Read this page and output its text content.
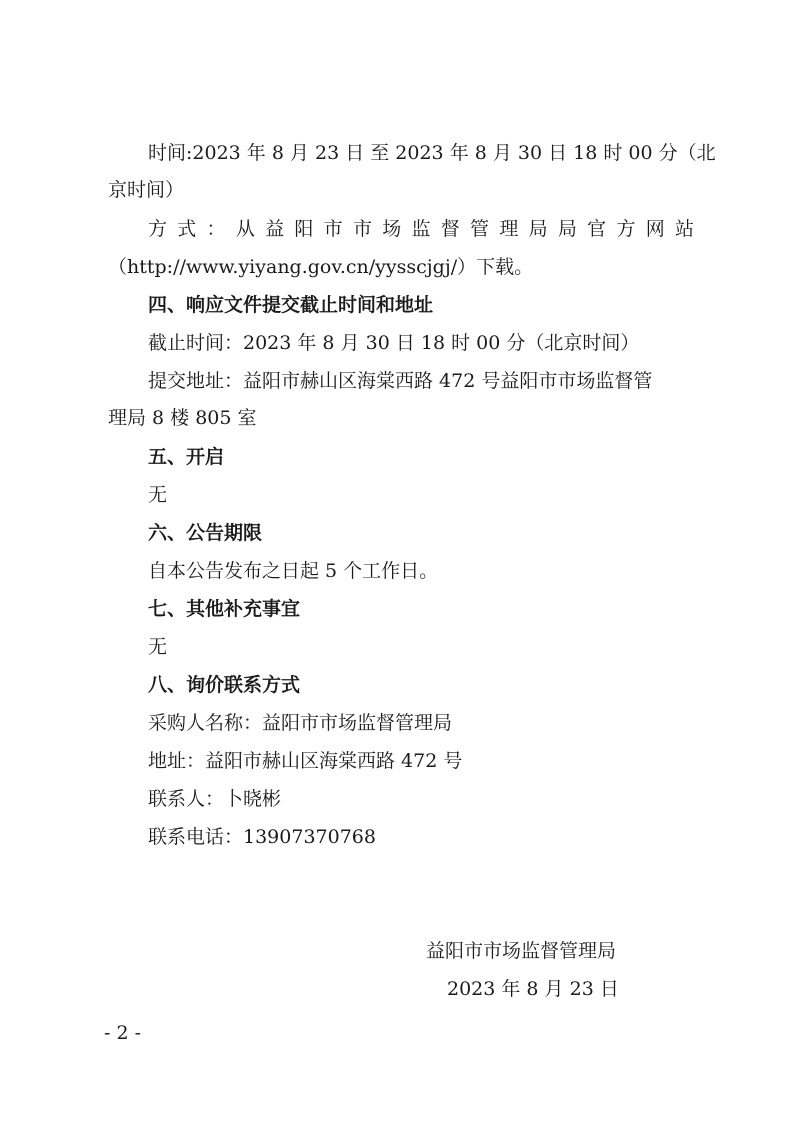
时间:2023 年 8 月 23 日 至 2023 年 8 月 30 日 18 时 00 分（北
京时间）
方 式 ： 从 益 阳 市 市 场 监 督 管 理 局 局 官 方 网 站
（http://www.yiyang.gov.cn/yysscjgj/）下载。
四、响应文件提交截止时间和地址
截止时间：2023 年 8 月 30 日 18 时 00 分（北京时间）
提交地址：益阳市赫山区海棠西路 472 号益阳市市场监督管
理局 8 楼 805 室
五、开启
无
六、公告期限
自本公告发布之日起 5 个工作日。
七、其他补充事宜
无
八、询价联系方式
采购人名称：益阳市市场监督管理局
地址：益阳市赫山区海棠西路 472 号
联系人：卜晓彬
联系电话：13907370768
益阳市市场监督管理局
2023 年 8 月 23 日
- 2 -
